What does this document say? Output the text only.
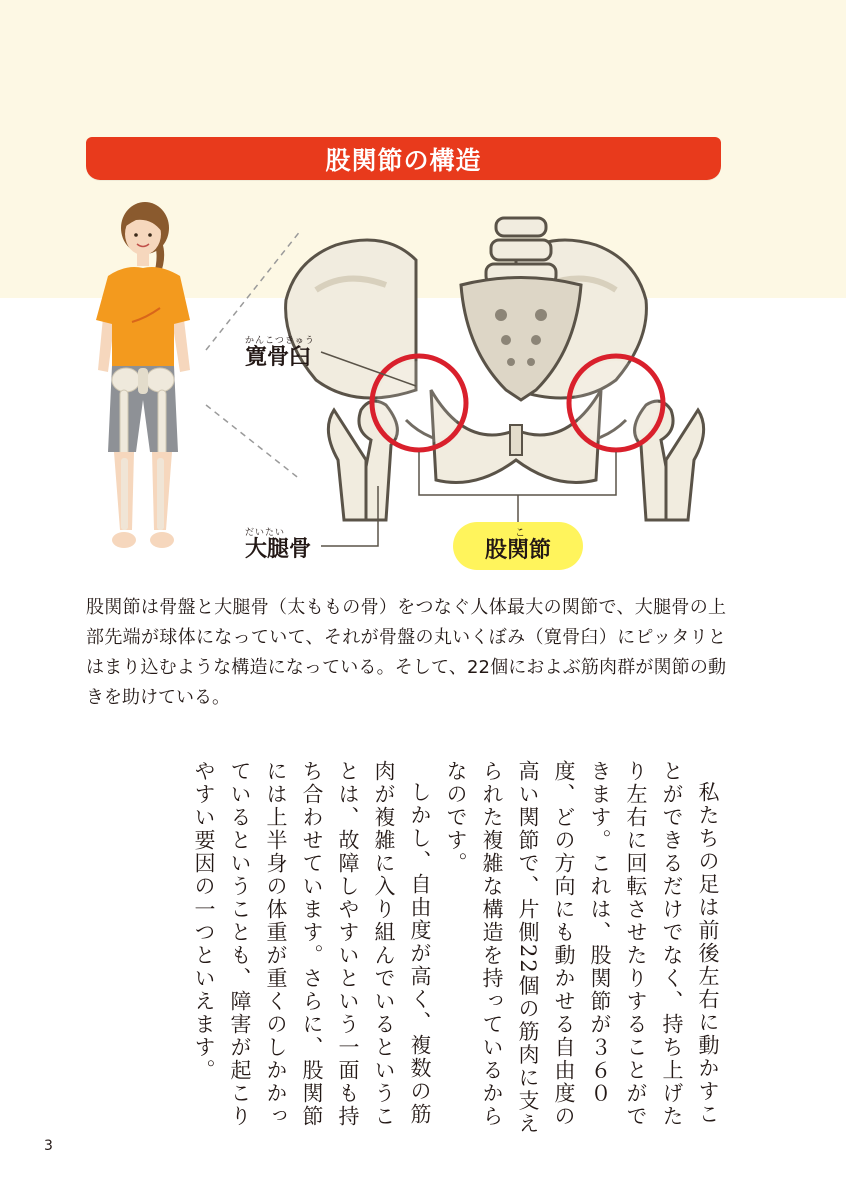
股関節の構造
かんこつきゅう
寛骨臼
だいたい
大腿骨
こ
股関節

股関節は骨盤と大腿骨（太ももの骨）をつなぐ人体最大の関節で、大腿骨の上部先端が球体になっていて、それが骨盤の丸いくぼみ（寛骨臼）にピッタリとはまり込むような構造になっている。そして、22個におよぶ筋肉群が関節の動きを助けている。

私たちの足は前後左右に動かすことができるだけでなく、持ち上げたり左右に回転させたりすることができます。これは、股関節が３６０度、どの方向にも動かせる自由度の高い関節で、片側22個の筋肉に支えられた複雑な構造を持っているからなのです。

しかし、自由度が高く、複数の筋肉が複雑に入り組んでいるということは、故障しやすいという一面も持ち合わせています。さらに、股関節には上半身の体重が重くのしかかっているということも、障害が起こりやすい要因の一つといえます。

3
